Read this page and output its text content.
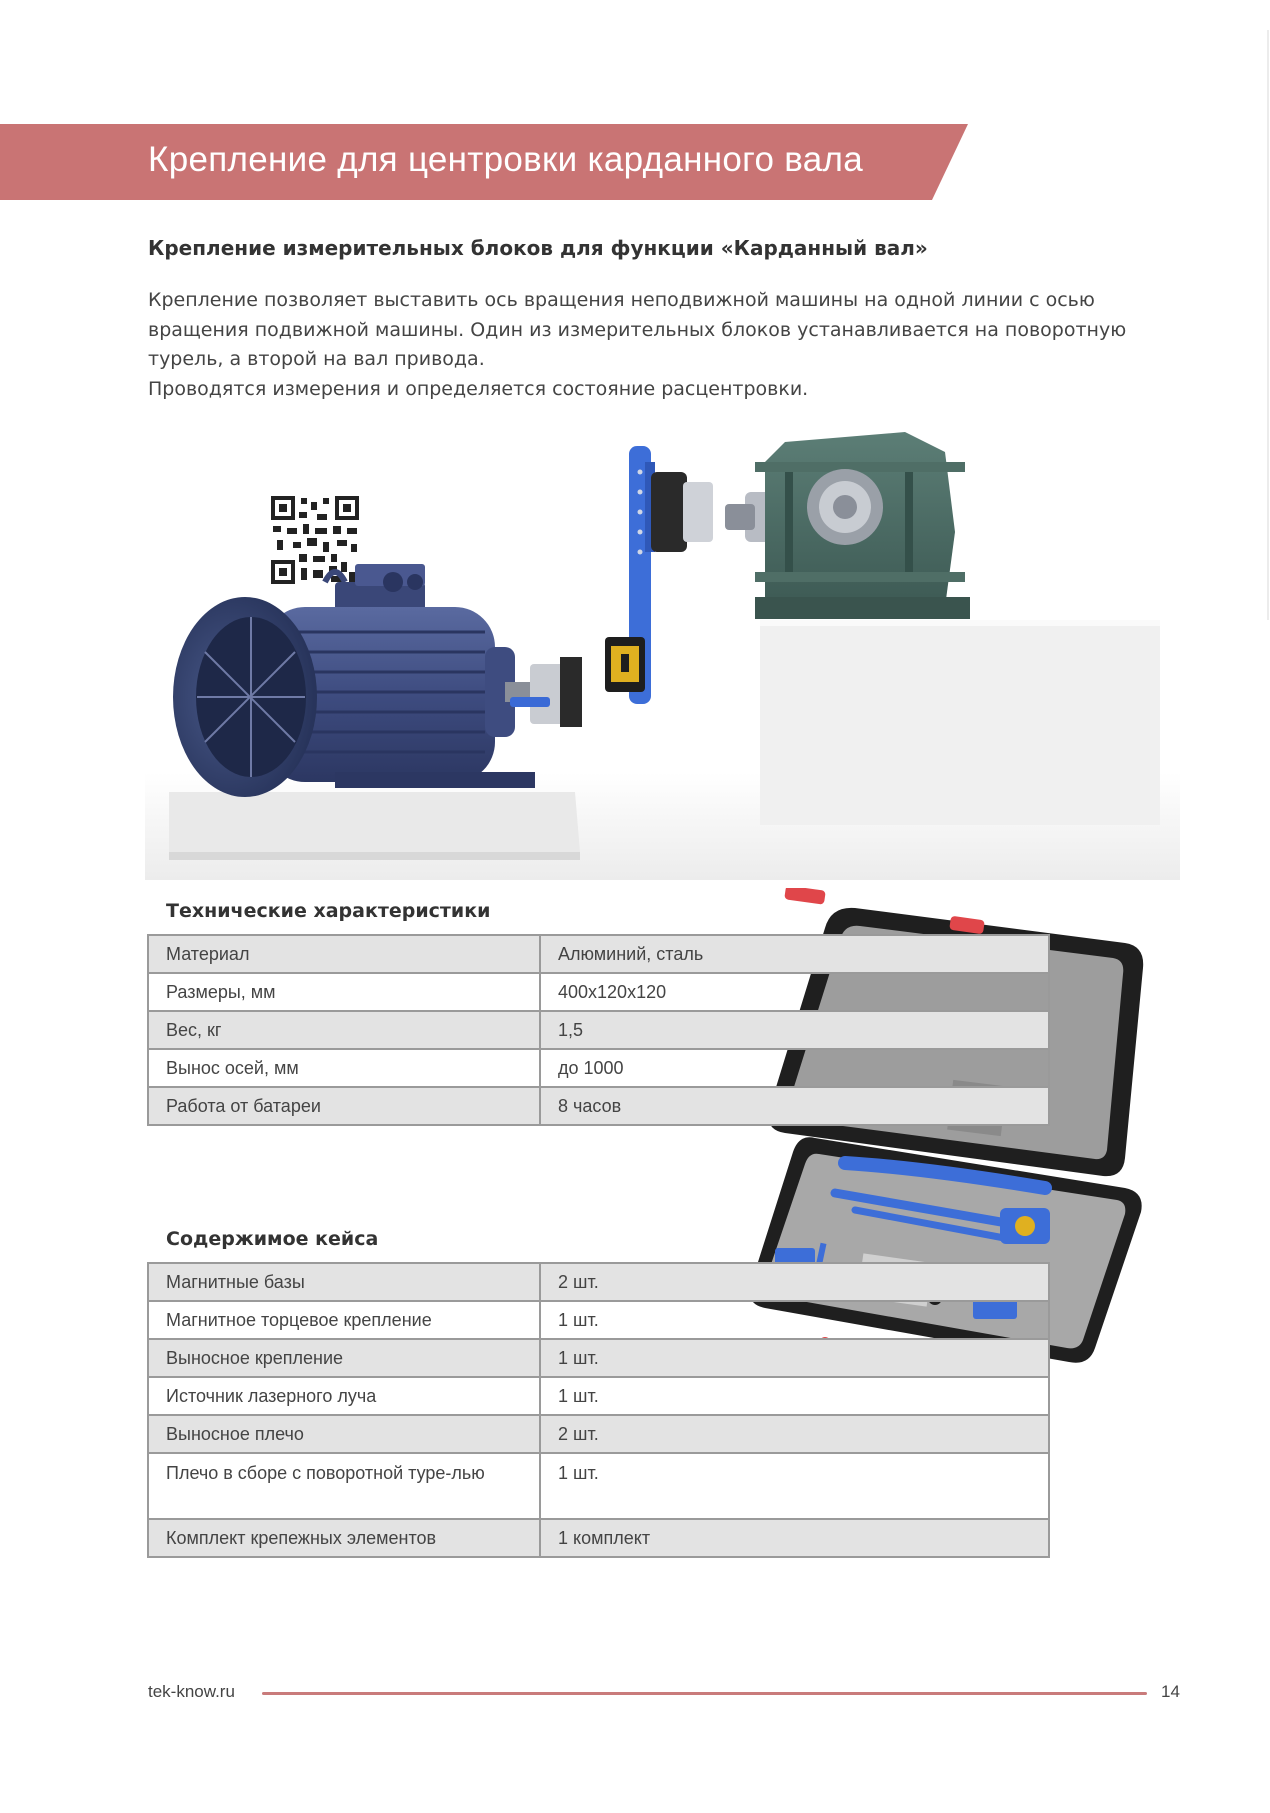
Крепление для центровки карданного вала
Крепление измерительных блоков для функции «Карданный вал»

Крепление позволяет выставить ось вращения неподвижной машины на одной линии с осью вращения подвижной машины. Один из измерительных блоков устанавливается на поворотную турель, а второй на вал привода.

Проводятся измерения и определяется состояние расцентровки.

Технические характеристики
Материал	Алюминий, сталь
Размеры, мм	400х120х120
Вес, кг	1,5
Вынос осей, мм	до 1000
Работа от батареи	8 часов
Содержимое кейса
Магнитные базы	2 шт.
Магнитное торцевое крепление	1 шт.
Выносное крепление	1 шт.
Источник лазерного луча	1 шт.
Выносное плечо	2 шт.
Плечо в сборе с поворотной туре-лью	1 шт.
Комплект крепежных элементов	1 комплект
tek-know.ru	14
